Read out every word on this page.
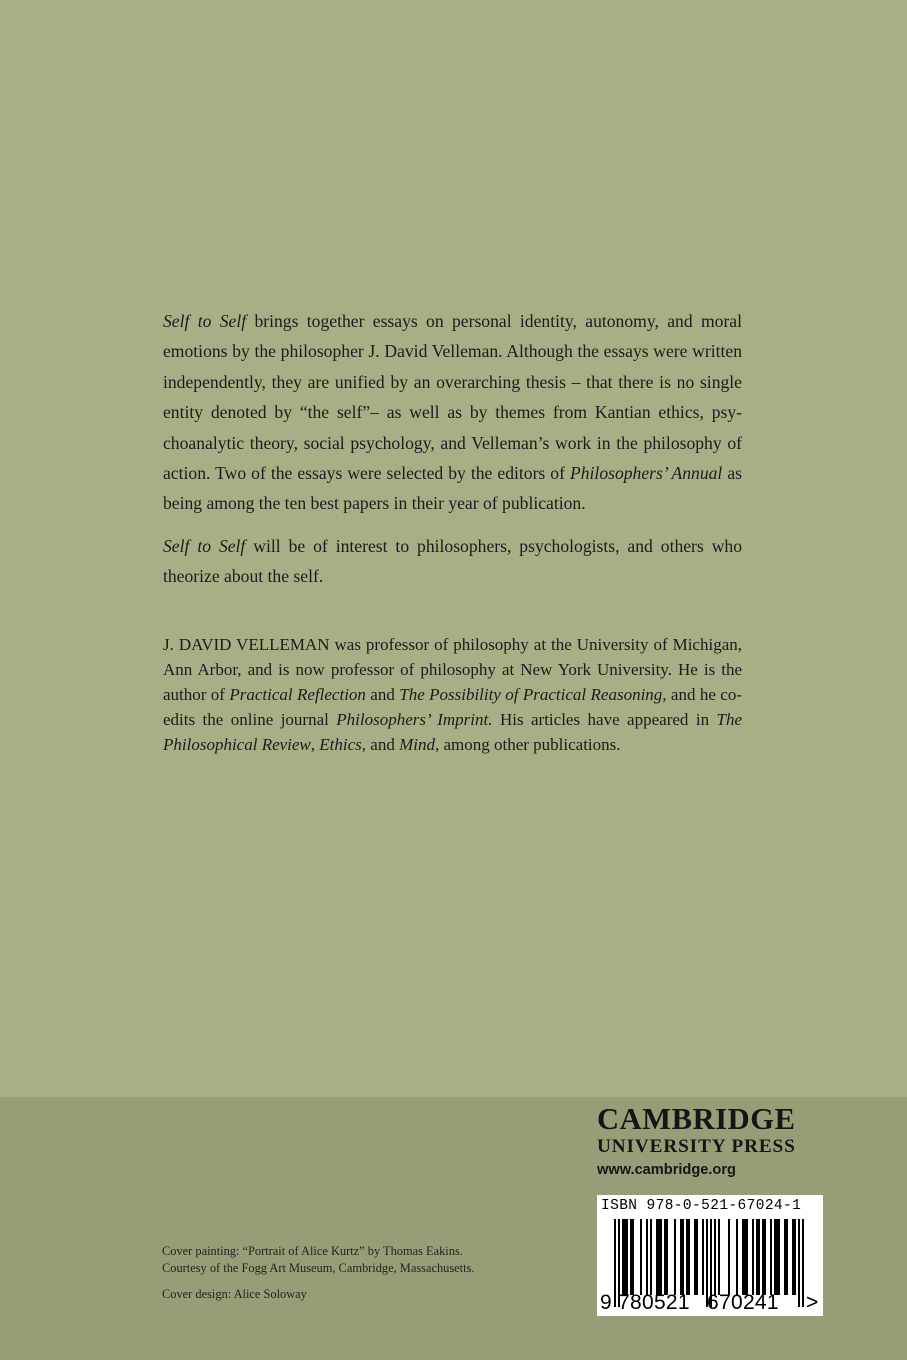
Self to Self brings together essays on personal identity, autonomy, and moral emotions by the philosopher J. David Velleman. Although the essays were written independently, they are unified by an overarching thesis – that there is no single entity denoted by “the self”– as well as by themes from Kantian ethics, psychoanalytic theory, social psychology, and Velleman’s work in the philosophy of action. Two of the essays were selected by the editors of Philosophers’ Annual as being among the ten best papers in their year of publication.

Self to Self will be of interest to philosophers, psychologists, and others who theorize about the self.

J. DAVID VELLEMAN was professor of philosophy at the University of Michigan, Ann Arbor, and is now professor of philosophy at New York University. He is the author of Practical Reflection and The Possibility of Practical Reasoning, and he co-edits the online journal Philosophers’ Imprint. His articles have appeared in The Philosophical Review, Ethics, and Mind, among other publications.

CAMBRIDGE
UNIVERSITY PRESS
www.cambridge.org
ISBN 978-0-521-67024-1
9 780521 670241 >

Cover painting: “Portrait of Alice Kurtz” by Thomas Eakins.

Courtesy of the Fogg Art Museum, Cambridge, Massachusetts.

Cover design: Alice Soloway
